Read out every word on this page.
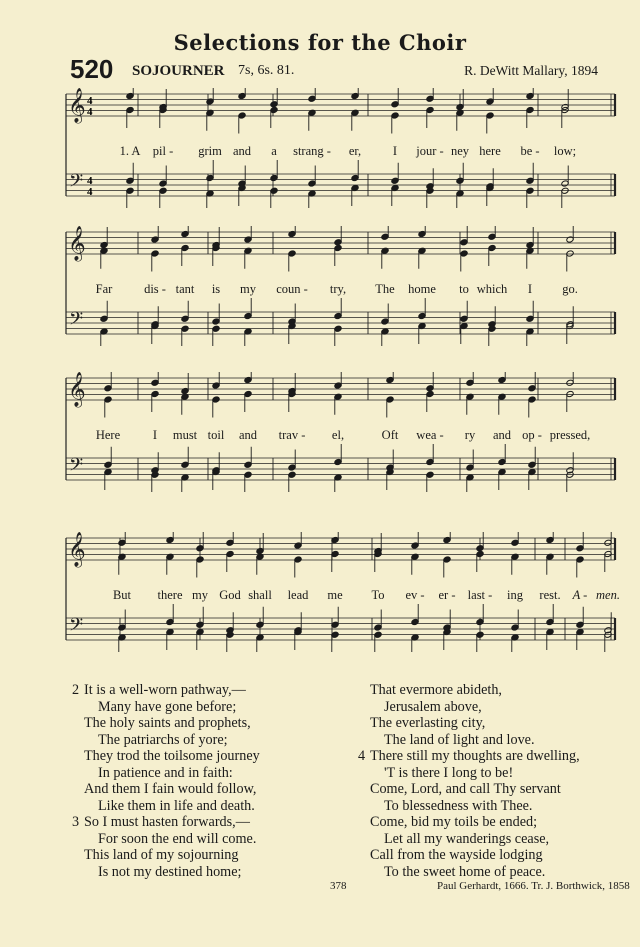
Selections for the Choir
520 SOJOURNER 7s, 6s. 81.	R. DeWitt Mallary, 1894
𝄞
𝄢
4
4
4
4
1. A pil - grim and a strang - er,	I jour - ney here be - low;
𝄞
𝄢
Far	dis - tant is my coun - try, The home to which I go.
𝄞
𝄢
Here	I must toil and trav - el,	Oft wea - ry and op - pressed,
𝄞
𝄢
But there my God shall lead me To ev - er - last - ing rest. A - men.
2 It is a well-worn pathway,—
Many have gone before;
The holy saints and prophets,
The patriarchs of yore;
They trod the toilsome journey
In patience and in faith:
And them I fain would follow,
Like them in life and death.
3 So I must hasten forwards,—
For soon the end will come.
This land of my sojourning
Is not my destined home;
That evermore abideth,
Jerusalem above,
The everlasting city,
The land of light and love.
4 There still my thoughts are dwelling,
'T is there I long to be!
Come, Lord, and call Thy servant
To blessedness with Thee.
Come, bid my toils be ended;
Let all my wanderings cease,
Call from the wayside lodging
To the sweet home of peace.
378	Paul Gerhardt, 1666. Tr. J. Borthwick, 1858
